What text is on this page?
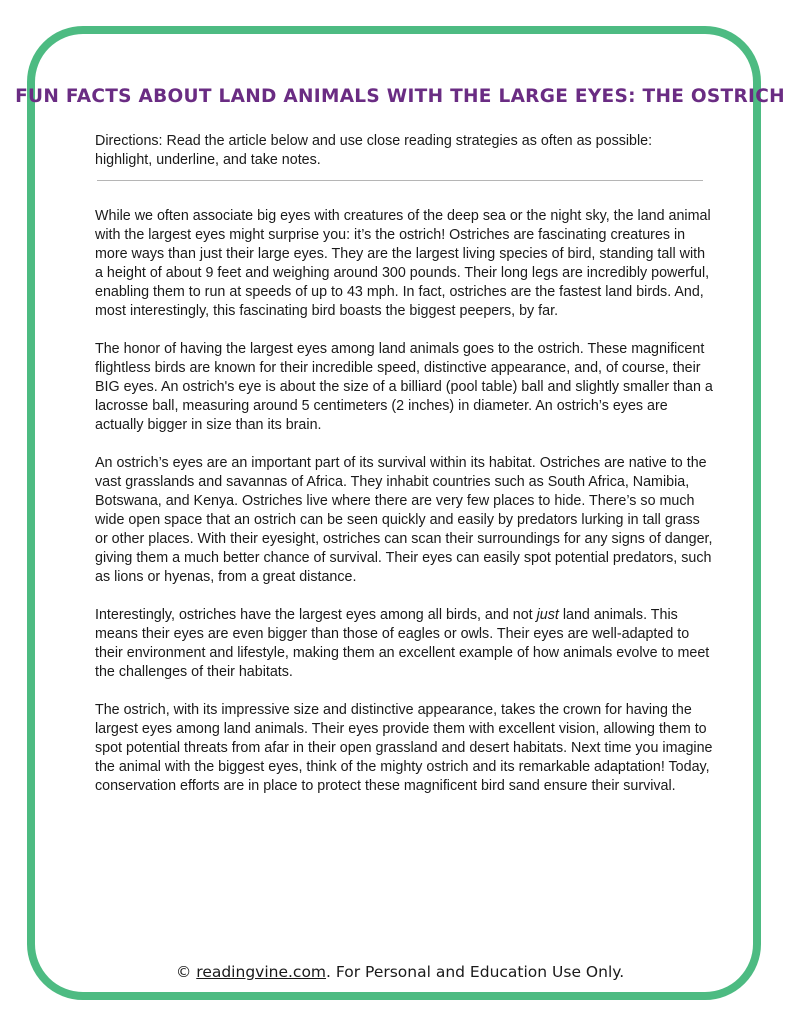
FUN FACTS ABOUT LAND ANIMALS WITH THE LARGE EYES: THE OSTRICH

Directions: Read the article below and use close reading strategies as often as possible: highlight, underline, and take notes.

While we often associate big eyes with creatures of the deep sea or the night sky, the land animal with the largest eyes might surprise you: it’s the ostrich! Ostriches are fascinating creatures in more ways than just their large eyes. They are the largest living species of bird, standing tall with a height of about 9 feet and weighing around 300 pounds. Their long legs are incredibly powerful, enabling them to run at speeds of up to 43 mph. In fact, ostriches are the fastest land birds. And, most interestingly, this fascinating bird boasts the biggest peepers, by far.

The honor of having the largest eyes among land animals goes to the ostrich. These magnificent flightless birds are known for their incredible speed, distinctive appearance, and, of course, their BIG eyes. An ostrich's eye is about the size of a billiard (pool table) ball and slightly smaller than a lacrosse ball, measuring around 5 centimeters (2 inches) in diameter. An ostrich’s eyes are actually bigger in size than its brain.

An ostrich’s eyes are an important part of its survival within its habitat. Ostriches are native to the vast grasslands and savannas of Africa. They inhabit countries such as South Africa, Namibia, Botswana, and Kenya. Ostriches live where there are very few places to hide. There’s so much wide open space that an ostrich can be seen quickly and easily by predators lurking in tall grass or other places. With their eyesight, ostriches can scan their surroundings for any signs of danger, giving them a much better chance of survival. Their eyes can easily spot potential predators, such as lions or hyenas, from a great distance.

Interestingly, ostriches have the largest eyes among all birds, and not just land animals. This means their eyes are even bigger than those of eagles or owls. Their eyes are well-adapted to their environment and lifestyle, making them an excellent example of how animals evolve to meet the challenges of their habitats.

The ostrich, with its impressive size and distinctive appearance, takes the crown for having the largest eyes among land animals. Their eyes provide them with excellent vision, allowing them to spot potential threats from afar in their open grassland and desert habitats. Next time you imagine the animal with the biggest eyes, think of the mighty ostrich and its remarkable adaptation! Today, conservation efforts are in place to protect these magnificent bird sand ensure their survival.

© readingvine.com. For Personal and Education Use Only.
